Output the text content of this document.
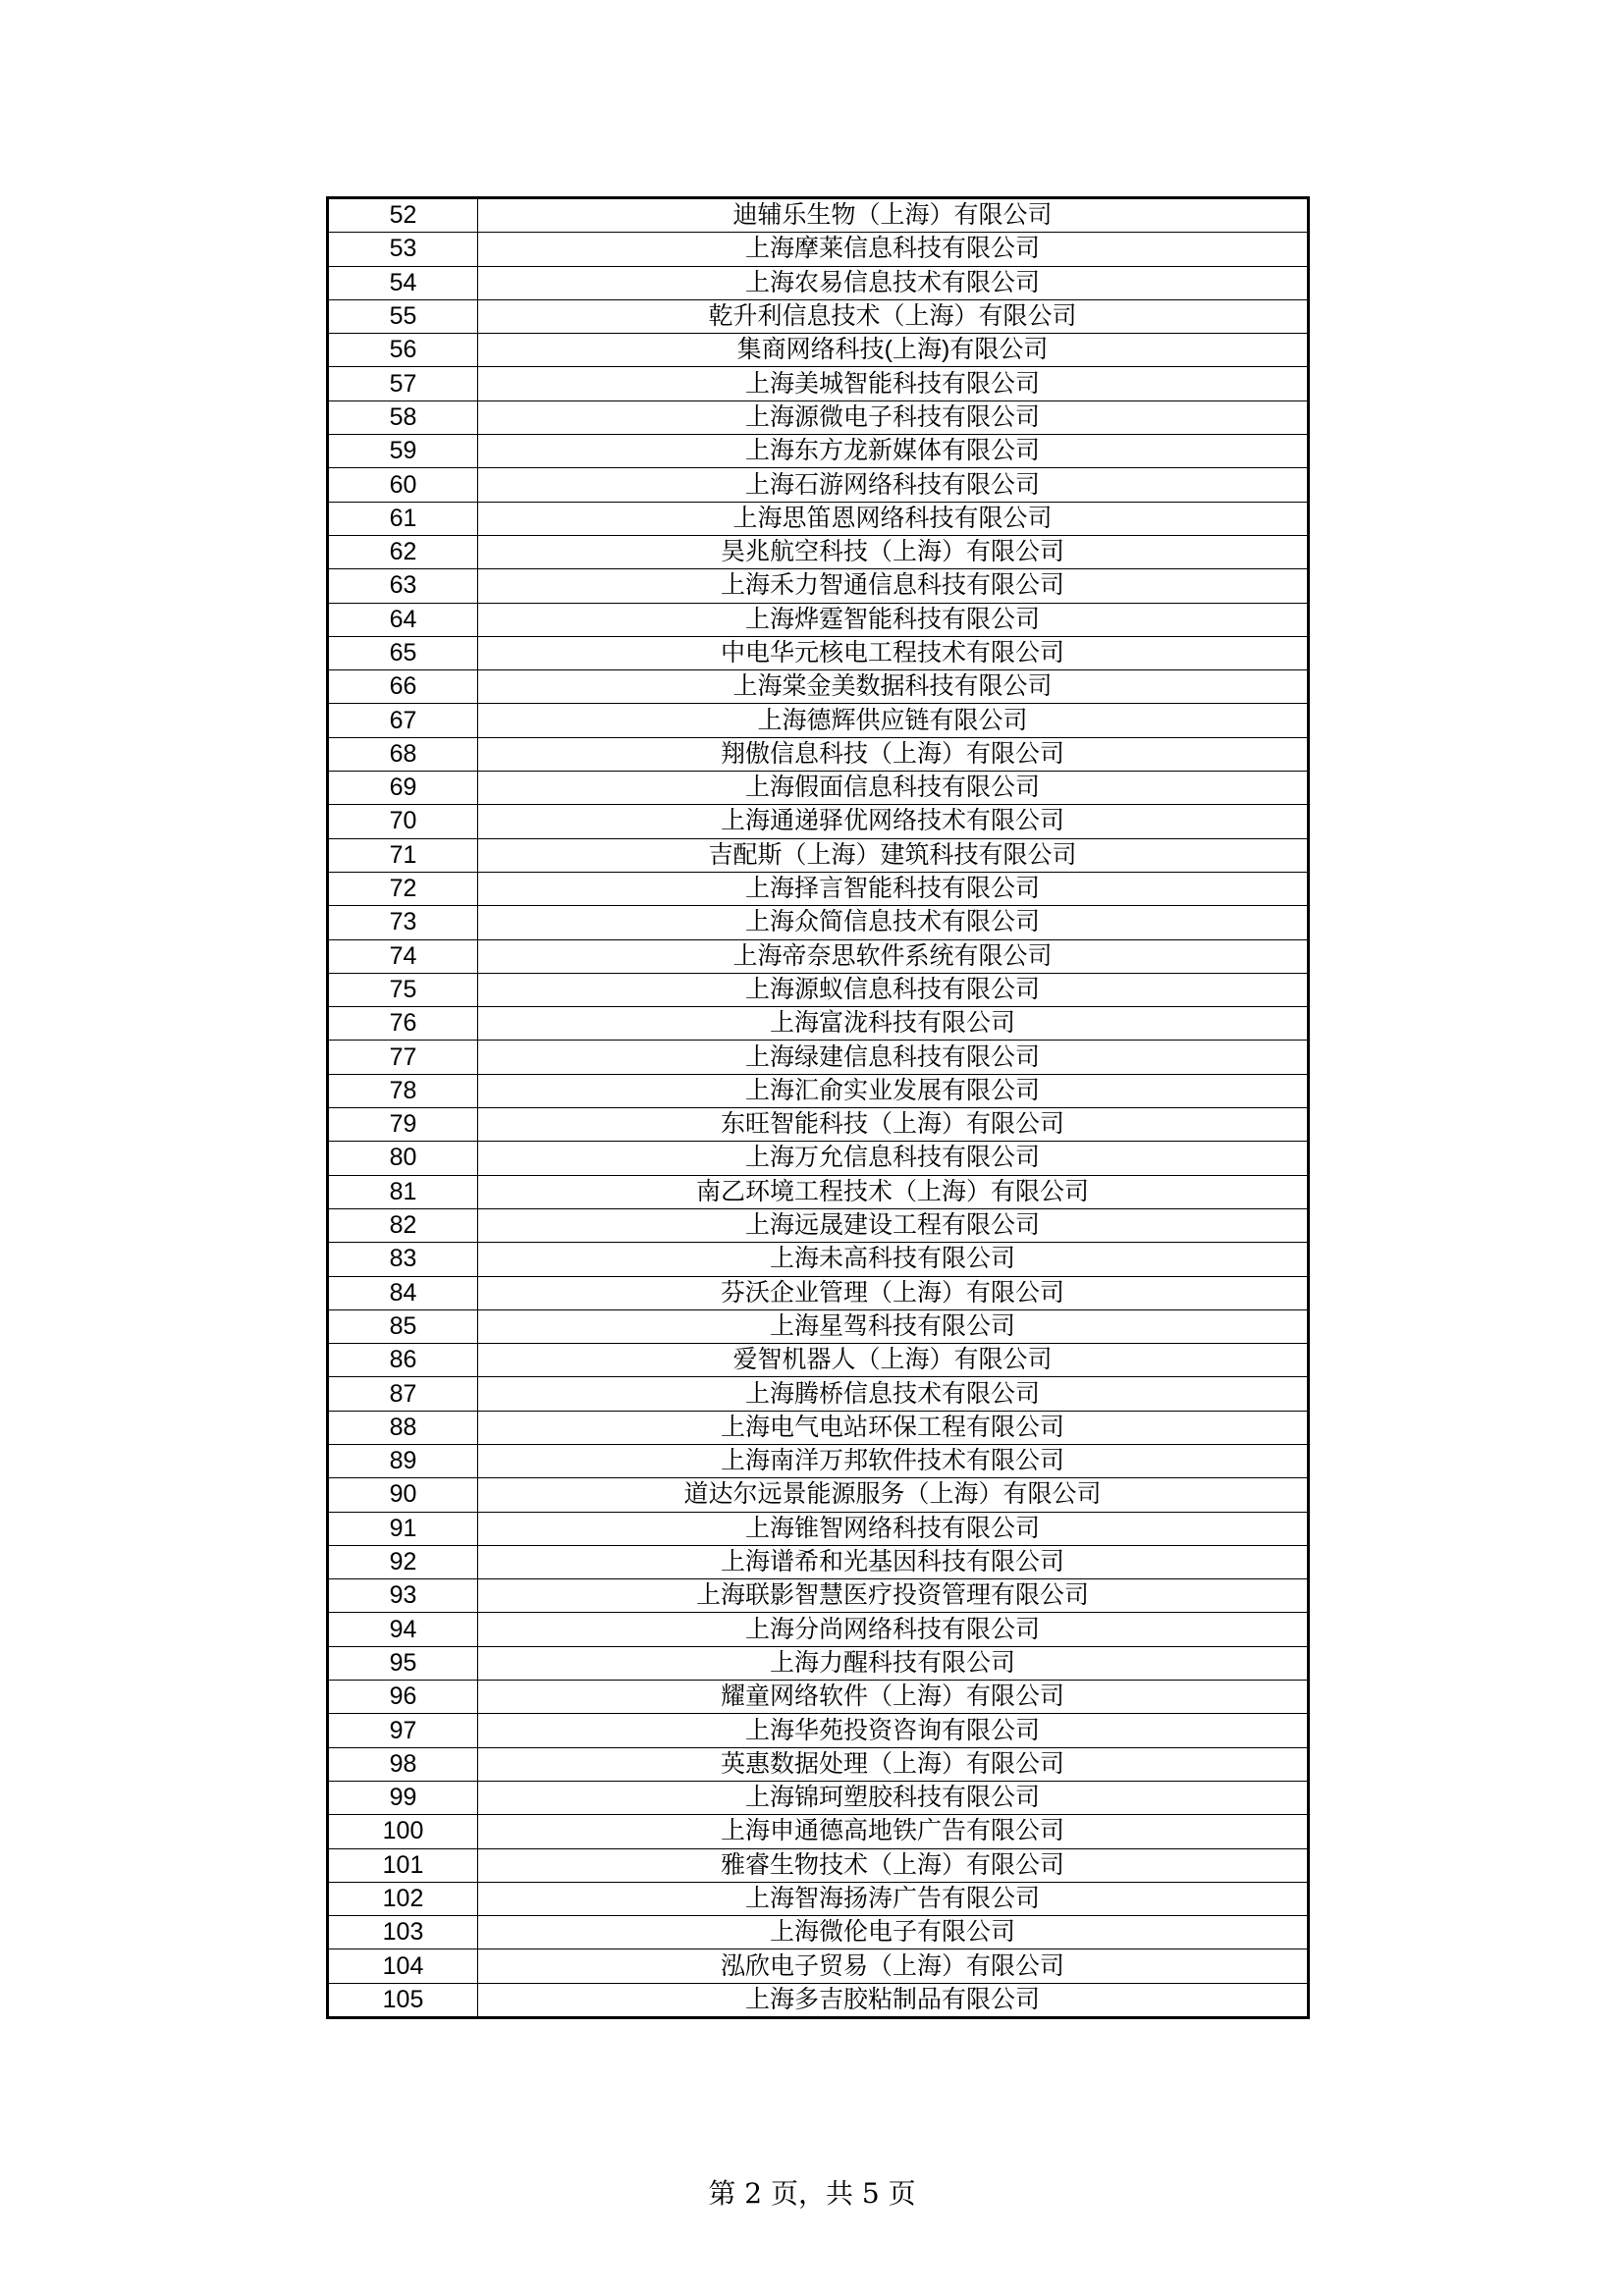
52	迪辅乐生物（上海）有限公司
53	上海摩莱信息科技有限公司
54	上海农易信息技术有限公司
55	乾升利信息技术（上海）有限公司
56	集商网络科技(上海)有限公司
57	上海美城智能科技有限公司
58	上海源微电子科技有限公司
59	上海东方龙新媒体有限公司
60	上海石游网络科技有限公司
61	上海思笛恩网络科技有限公司
62	昊兆航空科技（上海）有限公司
63	上海禾力智通信息科技有限公司
64	上海烨霆智能科技有限公司
65	中电华元核电工程技术有限公司
66	上海棠金美数据科技有限公司
67	上海德辉供应链有限公司
68	翔傲信息科技（上海）有限公司
69	上海假面信息科技有限公司
70	上海通递驿优网络技术有限公司
71	吉配斯（上海）建筑科技有限公司
72	上海择言智能科技有限公司
73	上海众简信息技术有限公司
74	上海帝奈思软件系统有限公司
75	上海源蚁信息科技有限公司
76	上海富泷科技有限公司
77	上海绿建信息科技有限公司
78	上海汇俞实业发展有限公司
79	东旺智能科技（上海）有限公司
80	上海万允信息科技有限公司
81	南乙环境工程技术（上海）有限公司
82	上海远晟建设工程有限公司
83	上海未高科技有限公司
84	芬沃企业管理（上海）有限公司
85	上海星驾科技有限公司
86	爱智机器人（上海）有限公司
87	上海腾桥信息技术有限公司
88	上海电气电站环保工程有限公司
89	上海南洋万邦软件技术有限公司
90	道达尔远景能源服务（上海）有限公司
91	上海锥智网络科技有限公司
92	上海谱希和光基因科技有限公司
93	上海联影智慧医疗投资管理有限公司
94	上海分尚网络科技有限公司
95	上海力醒科技有限公司
96	耀童网络软件（上海）有限公司
97	上海华苑投资咨询有限公司
98	英惠数据处理（上海）有限公司
99	上海锦珂塑胶科技有限公司
100	上海申通德高地铁广告有限公司
101	雅睿生物技术（上海）有限公司
102	上海智海扬涛广告有限公司
103	上海微伦电子有限公司
104	泓欣电子贸易（上海）有限公司
105	上海多吉胶粘制品有限公司
第 2 页，共 5 页
